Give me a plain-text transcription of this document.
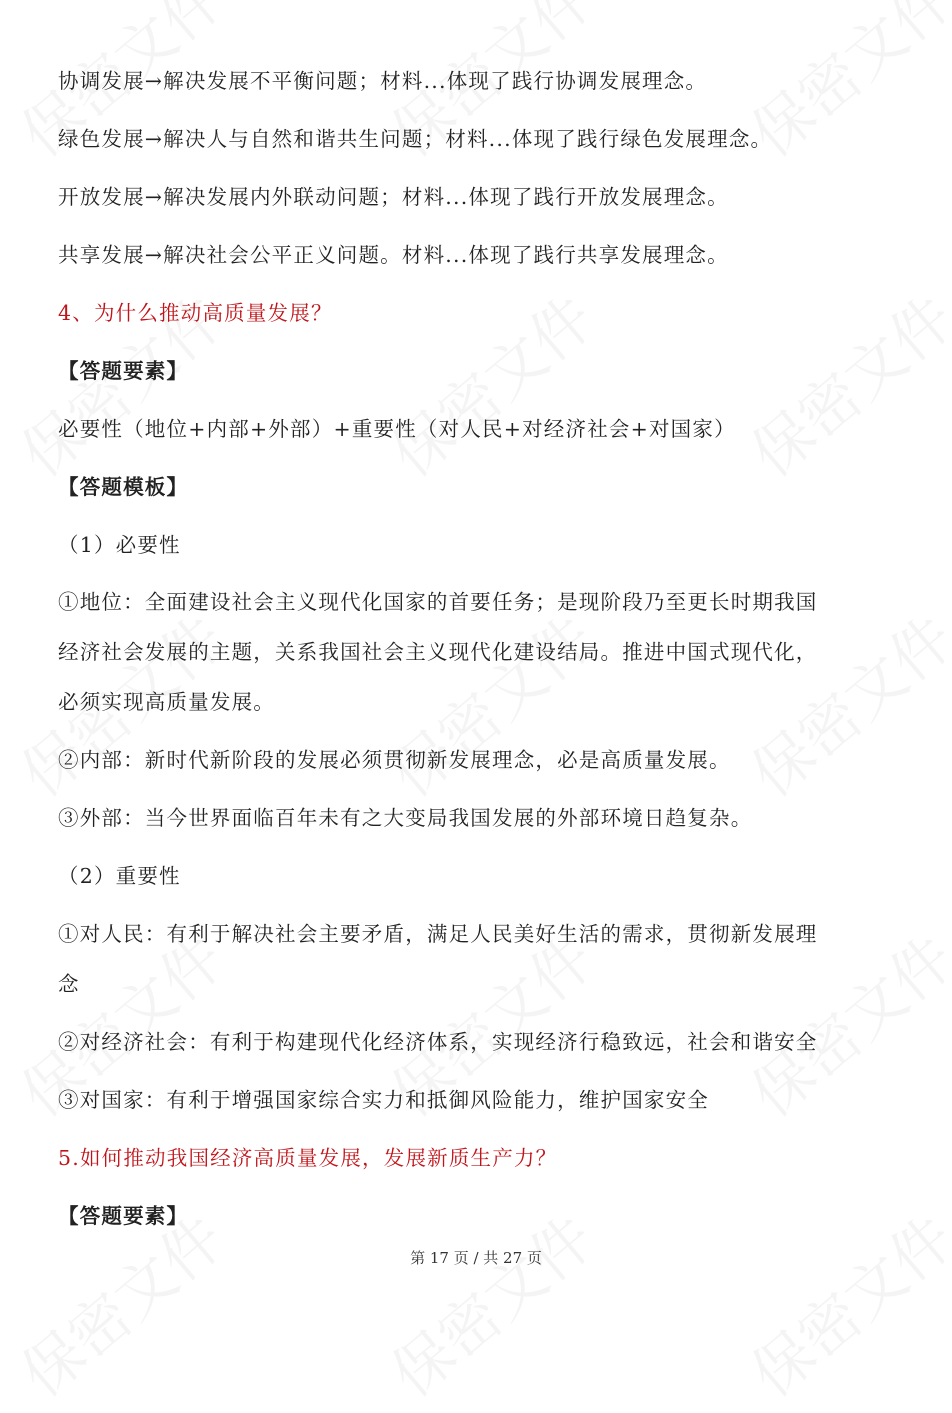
协调发展→解决发展不平衡问题；材料...体现了践行协调发展理念。
绿色发展→解决人与自然和谐共生问题；材料...体现了践行绿色发展理念。
开放发展→解决发展内外联动问题；材料...体现了践行开放发展理念。
共享发展→解决社会公平正义问题。材料...体现了践行共享发展理念。
4、为什么推动高质量发展？
【答题要素】
必要性（地位+内部+外部）+重要性（对人民+对经济社会+对国家）
【答题模板】
（1）必要性
①地位：全面建设社会主义现代化国家的首要任务；是现阶段乃至更长时期我国
经济社会发展的主题，关系我国社会主义现代化建设结局。推进中国式现代化，
必须实现高质量发展。
②内部：新时代新阶段的发展必须贯彻新发展理念，必是高质量发展。
③外部：当今世界面临百年未有之大变局我国发展的外部环境日趋复杂。
（2）重要性
①对人民：有利于解决社会主要矛盾，满足人民美好生活的需求，贯彻新发展理
念
②对经济社会：有利于构建现代化经济体系，实现经济行稳致远，社会和谐安全
③对国家：有利于增强国家综合实力和抵御风险能力，维护国家安全
5.如何推动我国经济高质量发展，发展新质生产力？
【答题要素】
第 17 页 / 共 27 页
